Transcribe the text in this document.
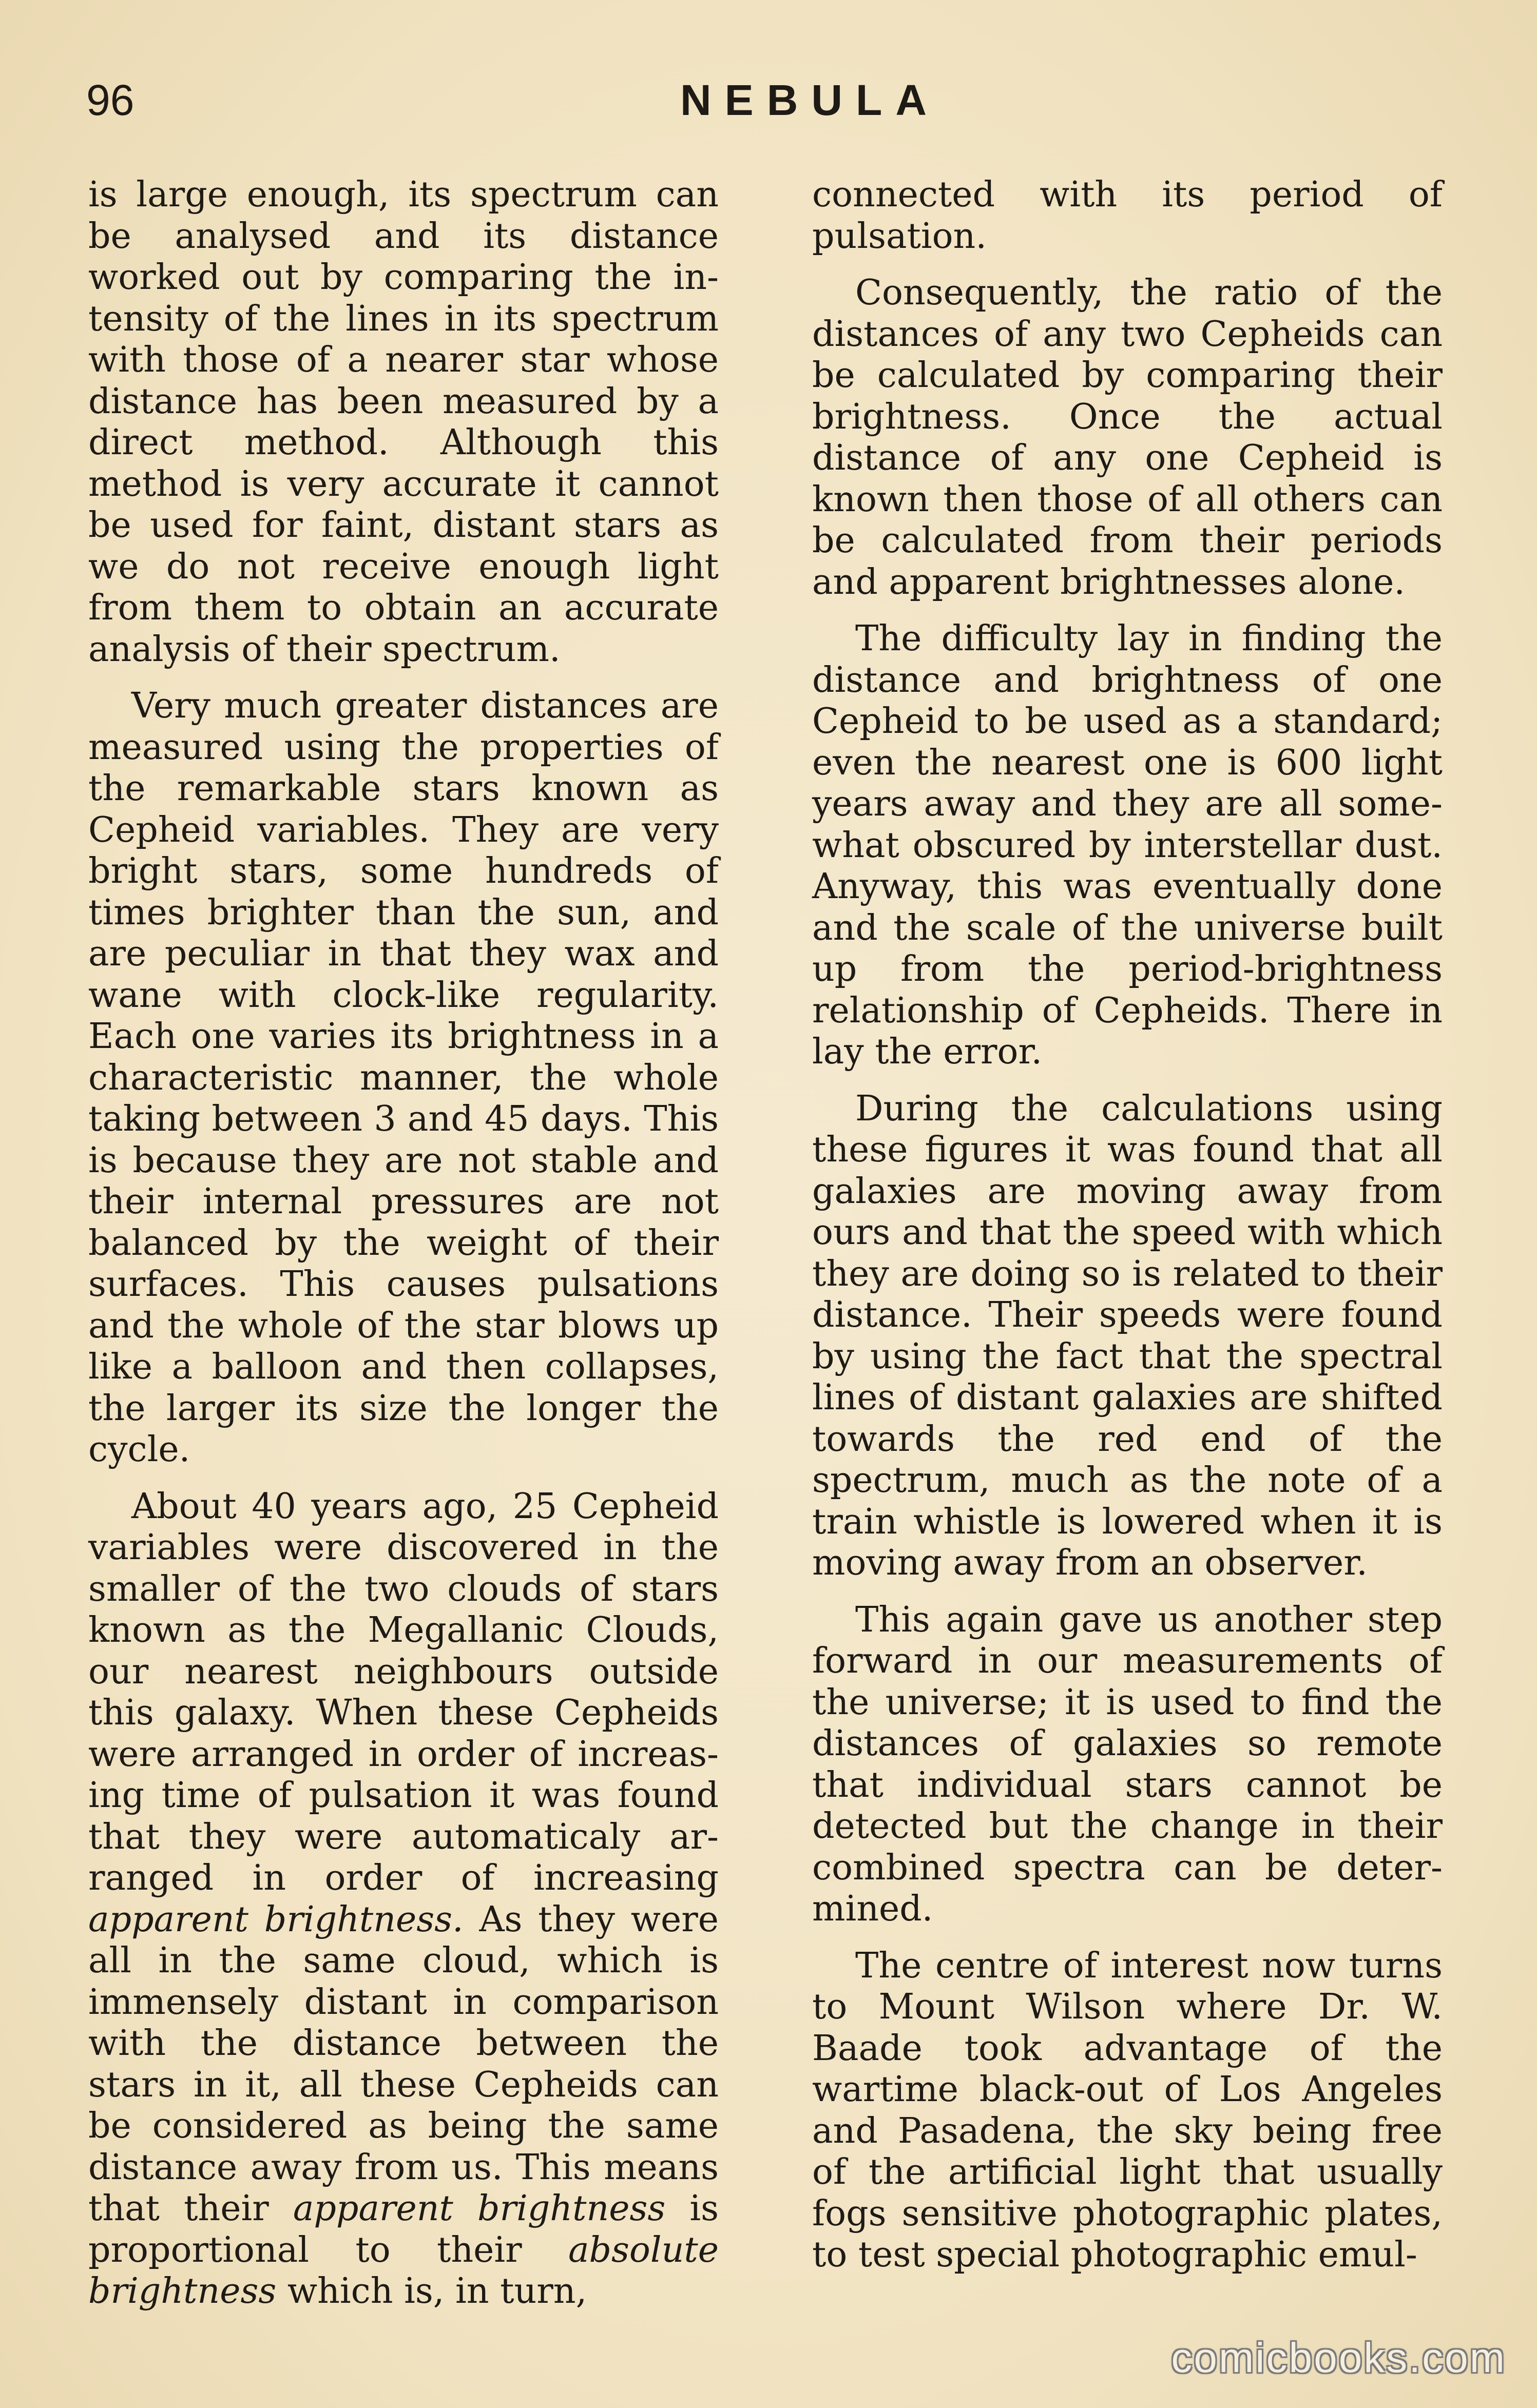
96	NEBULA

is large enough, its spectrum can be analysed and its distance worked out by comparing the intensity of the lines in its spectrum with those of a nearer star whose distance has been measured by a direct method. Although this method is very accurate it cannot be used for faint, distant stars as we do not receive enough light from them to obtain an accurate analysis of their spectrum.

Very much greater distances are measured using the properties of the remarkable stars known as Cepheid variables. They are very bright stars, some hundreds of times brighter than the sun, and are peculiar in that they wax and wane with clock-like regularity. Each one varies its brightness in a characteristic manner, the whole taking between 3 and 45 days. This is because they are not stable and their internal pressures are not balanced by the weight of their surfaces. This causes pulsations and the whole of the star blows up like a balloon and then collapses, the larger its size the longer the cycle.

About 40 years ago, 25 Cepheid variables were discovered in the smaller of the two clouds of stars known as the Megallanic Clouds, our nearest neighbours outside this galaxy. When these Cepheids were arranged in order of increasing time of pulsation it was found that they were automaticaly arranged in order of increasing apparent brightness. As they were all in the same cloud, which is immensely distant in comparison with the distance between the stars in it, all these Cepheids can be considered as being the same distance away from us. This means that their apparent brightness is proportional to their absolute brightness which is, in turn,

connected with its period of pulsation.

Consequently, the ratio of the distances of any two Cepheids can be calculated by comparing their brightness. Once the actual distance of any one Cepheid is known then those of all others can be calculated from their periods and apparent brightnesses alone.

The difficulty lay in finding the distance and brightness of one Cepheid to be used as a standard; even the nearest one is 600 light years away and they are all somewhat obscured by interstellar dust. Anyway, this was eventually done and the scale of the universe built up from the period-brightness relationship of Cepheids. There in lay the error.

During the calculations using these figures it was found that all galaxies are moving away from ours and that the speed with which they are doing so is related to their distance. Their speeds were found by using the fact that the spectral lines of distant galaxies are shifted towards the red end of the spectrum, much as the note of a train whistle is lowered when it is moving away from an observer.

This again gave us another step forward in our measurements of the universe; it is used to find the distances of galaxies so remote that individual stars cannot be detected but the change in their combined spectra can be determined.

The centre of interest now turns to Mount Wilson where Dr. W. Baade took advantage of the wartime black-out of Los Angeles and Pasadena, the sky being free of the artificial light that usually fogs sensitive photographic plates, to test special photographic emul-

comicbooks.com
